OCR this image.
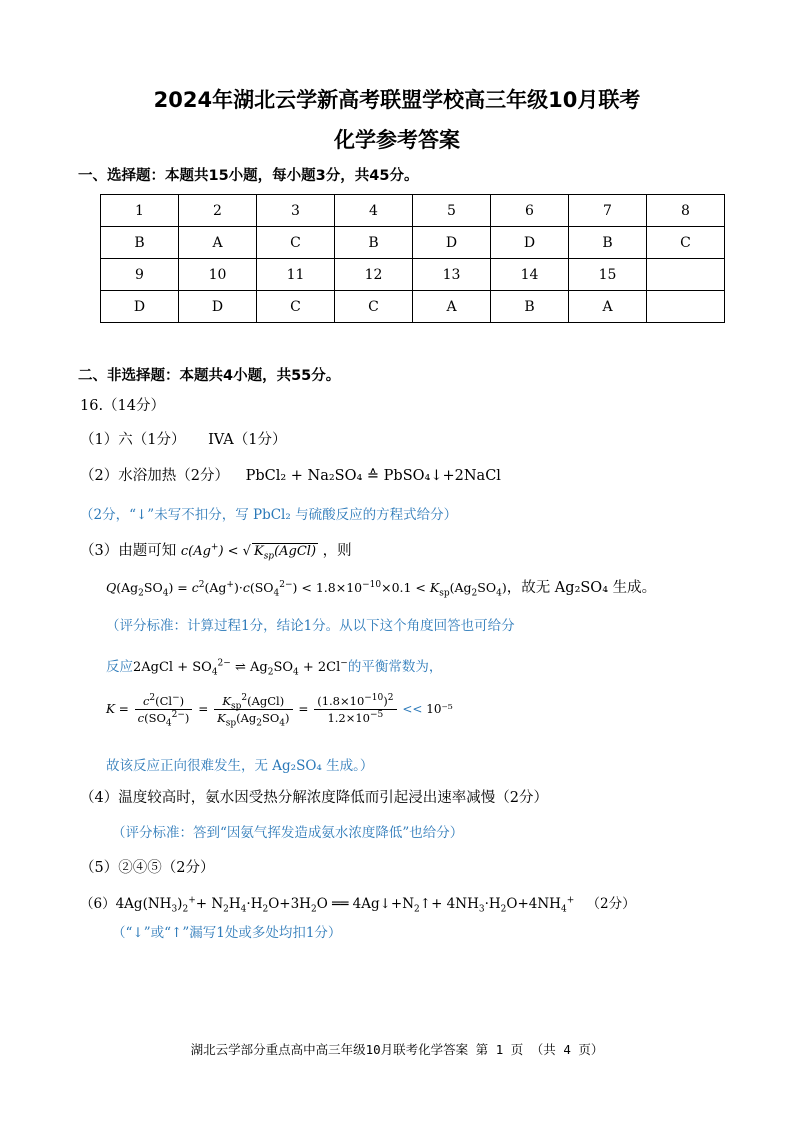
2024年湖北云学新高考联盟学校高三年级10月联考
化学参考答案
一、选择题：本题共15小题，每小题3分，共45分。
1	2	3	4	5	6	7	8
B	A	C	B	D	D	B	C
9	10	11	12	13	14	15	
D	D	C	C	A	B	A	
二、非选择题：本题共4小题，共55分。
16.（14分）
（1）六（1分） IVA（1分）
（2）水浴加热（2分） PbCl₂ + Na₂SO₄ ≙ PbSO₄↓+2NaCl
（2分，“↓”未写不扣分，写 PbCl₂ 与硫酸反应的方程式给分）
（3）由题可知 c(Ag+) < √ $K_{sp}(AgCl)$ ，则
$Q(Ag_2SO_4) = c^2(Ag^+)\cdot c(SO_4^{2-}) < 1.8\times 10^{-10}\times 0.1 < K_{sp}(Ag_2SO_4)$，故无 Ag₂SO₄ 生成。
（评分标准：计算过程1分，结论1分。从以下这个角度回答也可给分
反应2AgCl + $SO_4^{2-}$ ⇌ $Ag_2SO_4 + 2Cl^-$的平衡常数为，
$K = \frac{c^2(Cl^-)}{c(SO_4^{2-})} = \frac{K_{sp}^2(AgCl)}{K_{sp}(Ag_2SO_4)} = \frac{(1.8\times 10^{-10})^2}{1.2\times 10^{-5}} << 10^{-5}$
故该反应正向很难发生，无 Ag₂SO₄ 生成。）
（4）温度较高时，氨水因受热分解浓度降低而引起浸出速率减慢（2分）
（评分标准：答到“因氨气挥发造成氨水浓度降低”也给分）
（5）②④⑤（2分）
$(6)4Ag(NH_3)_2^++ N_2H_4\cdot H_2O+3H_2O$ ══ $4Ag↓+N_2↑+ 4NH_3\cdot H_2O+4NH_4^+$ （2分）
（“↓”或“↑”漏写1处或多处均扣1分）
湖北云学部分重点高中高三年级10月联考化学答案 第 1 页 （共 4 页）
